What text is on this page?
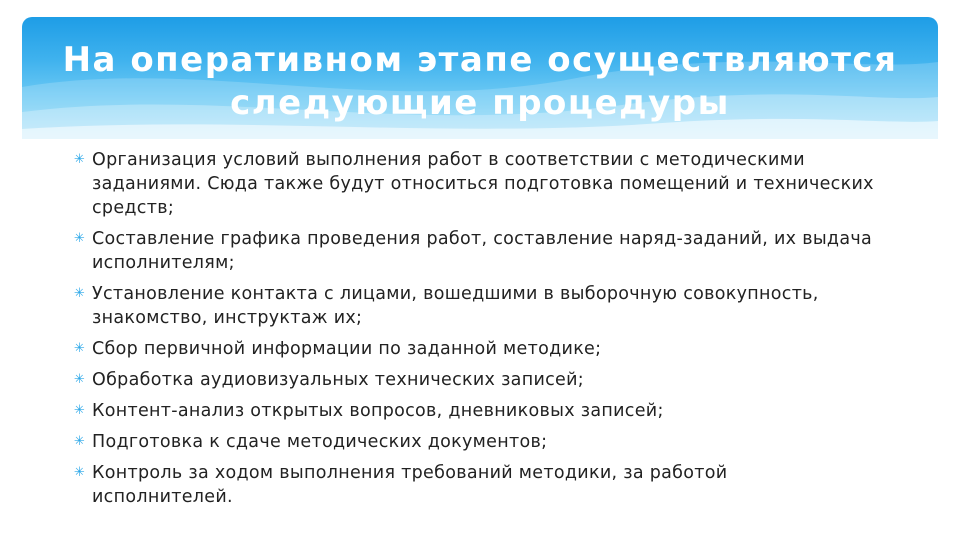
На оперативном этапе осуществляются
следующие процедуры
✳ Организация условий выполнения работ в соответствии с методическими заданиями. Сюда также будут относиться подготовка помещений и технических средств;
✳ Составление графика проведения работ, составление наряд-заданий, их выдача исполнителям;
✳ Установление контакта с лицами, вошедшими в выборочную совокупность, знакомство, инструктаж их;
✳ Сбор первичной информации по заданной методике;
✳ Обработка аудиовизуальных технических записей;
✳ Контент-анализ открытых вопросов, дневниковых записей;
✳ Подготовка к сдаче методических документов;
✳ Контроль за ходом выполнения требований методики, за работой исполнителей.
